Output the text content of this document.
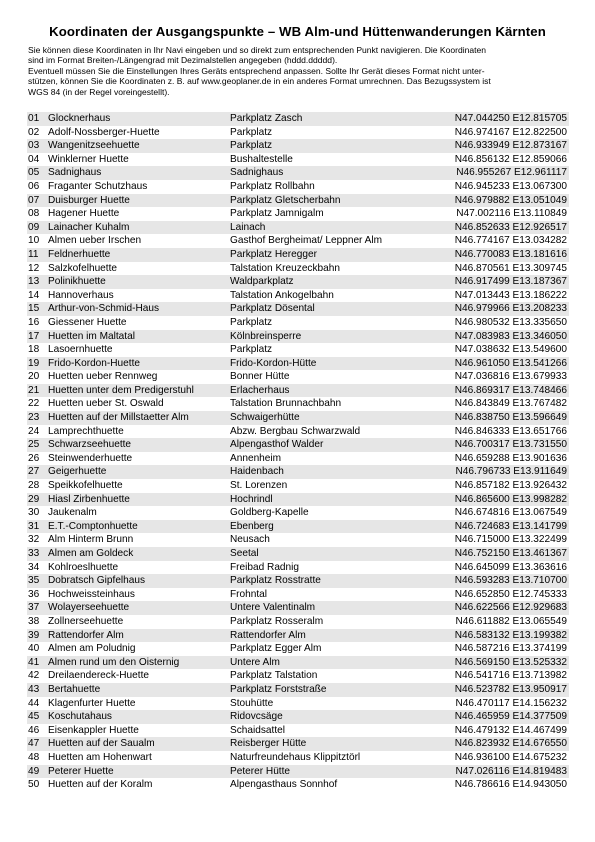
Koordinaten der Ausgangspunkte – WB Alm-und Hüttenwanderungen Kärnten
Sie können diese Koordinaten in Ihr Navi eingeben und so direkt zum entsprechenden Punkt navigieren. Die Koordinaten
sind im Format Breiten-/Längengrad mit Dezimalstellen angegeben (hddd.ddddd).
Eventuell müssen Sie die Einstellungen Ihres Geräts entsprechend anpassen. Sollte Ihr Gerät dieses Format nicht unter-
stützen, können Sie die Koordinaten z. B. auf www.geoplaner.de in ein anderes Format umrechnen. Das Bezugssystem ist
WGS 84 (in der Regel voreingestellt).
01 Glocknerhaus	Parkplatz Zasch	N47.044250 E12.815705
02 Adolf-Nossberger-Huette	Parkplatz	N46.974167 E12.822500
03 Wangenitzseehuette	Parkplatz	N46.933949 E12.873167
04 Winklerner Huette	Bushaltestelle	N46.856132 E12.859066
05 Sadnighaus	Sadnighaus	N46.955267 E12.961117
06 Fraganter Schutzhaus	Parkplatz Rollbahn	N46.945233 E13.067300
07 Duisburger Huette	Parkplatz Gletscherbahn	N46.979882 E13.051049
08 Hagener Huette	Parkplatz Jamnigalm	N47.002116 E13.110849
09 Lainacher Kuhalm	Lainach	N46.852633 E12.926517
10 Almen ueber Irschen	Gasthof Bergheimat/ Leppner Alm	N46.774167 E13.034282
11 Feldnerhuette	Parkplatz Heregger	N46.770083 E13.181616
12 Salzkofelhuette	Talstation Kreuzeckbahn	N46.870561 E13.309745
13 Polinikhuette	Waldparkplatz	N46.917499 E13.187367
14 Hannoverhaus	Talstation Ankogelbahn	N47.013443 E13.186222
15 Arthur-von-Schmid-Haus	Parkplatz Dösental	N46.979966 E13.208233
16 Giessener Huette	Parkplatz	N46.980532 E13.335650
17 Huetten im Maltatal	Kölnbreinsperre	N47.083983 E13.346050
18 Lasoernhuette	Parkplatz	N47.038632 E13.549600
19 Frido-Kordon-Huette	Frido-Kordon-Hütte	N46.961050 E13.541266
20 Huetten ueber Rennweg	Bonner Hütte	N47.036816 E13.679933
21 Huetten unter dem Predigerstuhl	Erlacherhaus	N46.869317 E13.748466
22 Huetten ueber St. Oswald	Talstation Brunnachbahn	N46.843849 E13.767482
23 Huetten auf der Millstaetter Alm	Schwaigerhütte	N46.838750 E13.596649
24 Lamprechthuette	Abzw. Bergbau Schwarzwald	N46.846333 E13.651766
25 Schwarzseehuette	Alpengasthof Walder	N46.700317 E13.731550
26 Steinwenderhuette	Annenheim	N46.659288 E13.901636
27 Geigerhuette	Haidenbach	N46.796733 E13.911649
28 Speikkofelhuette	St. Lorenzen	N46.857182 E13.926432
29 Hiasl Zirbenhuette	Hochrindl	N46.865600 E13.998282
30 Jaukenalm	Goldberg-Kapelle	N46.674816 E13.067549
31 E.T.-Comptonhuette	Ebenberg	N46.724683 E13.141799
32 Alm Hinterm Brunn	Neusach	N46.715000 E13.322499
33 Almen am Goldeck	Seetal	N46.752150 E13.461367
34 Kohlroeslhuette	Freibad Radnig	N46.645099 E13.363616
35 Dobratsch Gipfelhaus	Parkplatz Rosstratte	N46.593283 E13.710700
36 Hochweissteinhaus	Frohntal	N46.652850 E12.745333
37 Wolayerseehuette	Untere Valentinalm	N46.622566 E12.929683
38 Zollnerseehuette	Parkplatz Rosseralm	N46.611882 E13.065549
39 Rattendorfer Alm	Rattendorfer Alm	N46.583132 E13.199382
40 Almen am Poludnig	Parkplatz Egger Alm	N46.587216 E13.374199
41 Almen rund um den Oisternig	Untere Alm	N46.569150 E13.525332
42 Dreilaendereck-Huette	Parkplatz Talstation	N46.541716 E13.713982
43 Bertahuette	Parkplatz Forststraße	N46.523782 E13.950917
44 Klagenfurter Huette	Stouhütte	N46.470117 E14.156232
45 Koschutahaus	Ridovcsäge	N46.465959 E14.377509
46 Eisenkappler Huette	Schaidsattel	N46.479132 E14.467499
47 Huetten auf der Saualm	Reisberger Hütte	N46.823932 E14.676550
48 Huetten am Hohenwart	Naturfreundehaus Klippitztörl	N46.936100 E14.675232
49 Peterer Huette	Peterer Hütte	N47.026116 E14.819483
50 Huetten auf der Koralm	Alpengasthaus Sonnhof	N46.786616 E14.943050
